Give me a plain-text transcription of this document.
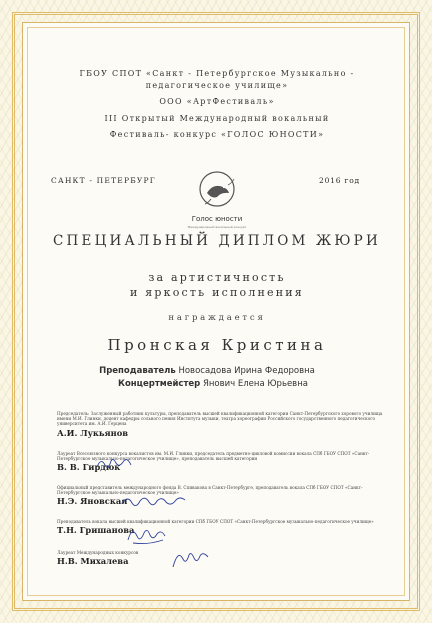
ГБОУ СПОТ «Санкт - Петербургское Музыкально -
педагогическое училище»
ООО «АртФестиваль»
III Открытый Международный вокальный
Фестиваль- конкурс «ГОЛОС ЮНОСТИ»
САНКТ - ПЕТЕРБУРГ	2016 год
Голос юности
Международный вокальный конкурс
СПЕЦИАЛЬНЫЙ ДИПЛОМ ЖЮРИ
за артистичность
и яркость исполнения
награждается
Пронская Кристина
Преподаватель Новосадова Ирина Федоровна
Концертмейстер Янович Елена Юрьевна
Председатель: Заслуженный работник культуры, преподаватель высшей квалификационной категории Санкт-Петербургского хорового училища имени М.И. Глинки, доцент кафедры сольного пения Института музыки, театра хореографии Российского государственного педагогического университета им. А.И. Герцена
А.И. Лукьянов
Лауреат Всесоюзного конкурса вокалистов им. М.И. Глинки, председатель предметно-цикловой комиссии вокала СПб ГБОУ СПОТ «Санкт-Петербургское музыкально-педагогическое училище», преподаватель высшей категории
В. В. Гирдюк
Официальный представитель международного фонда В. Спивакова в Санкт-Петербурге, преподаватель вокала СПб ГБОУ СПОТ «Санкт-Петербургское музыкально-педагогическое училище»
Н.Э. Яновская
Преподаватель вокала высшей квалификационной категории СПб ГБОУ СПОТ «Санкт-Петербургское музыкально-педагогическое училище»
Т.Н. Гришанова
Лауреат Международных конкурсов
Н.В. Михалева
